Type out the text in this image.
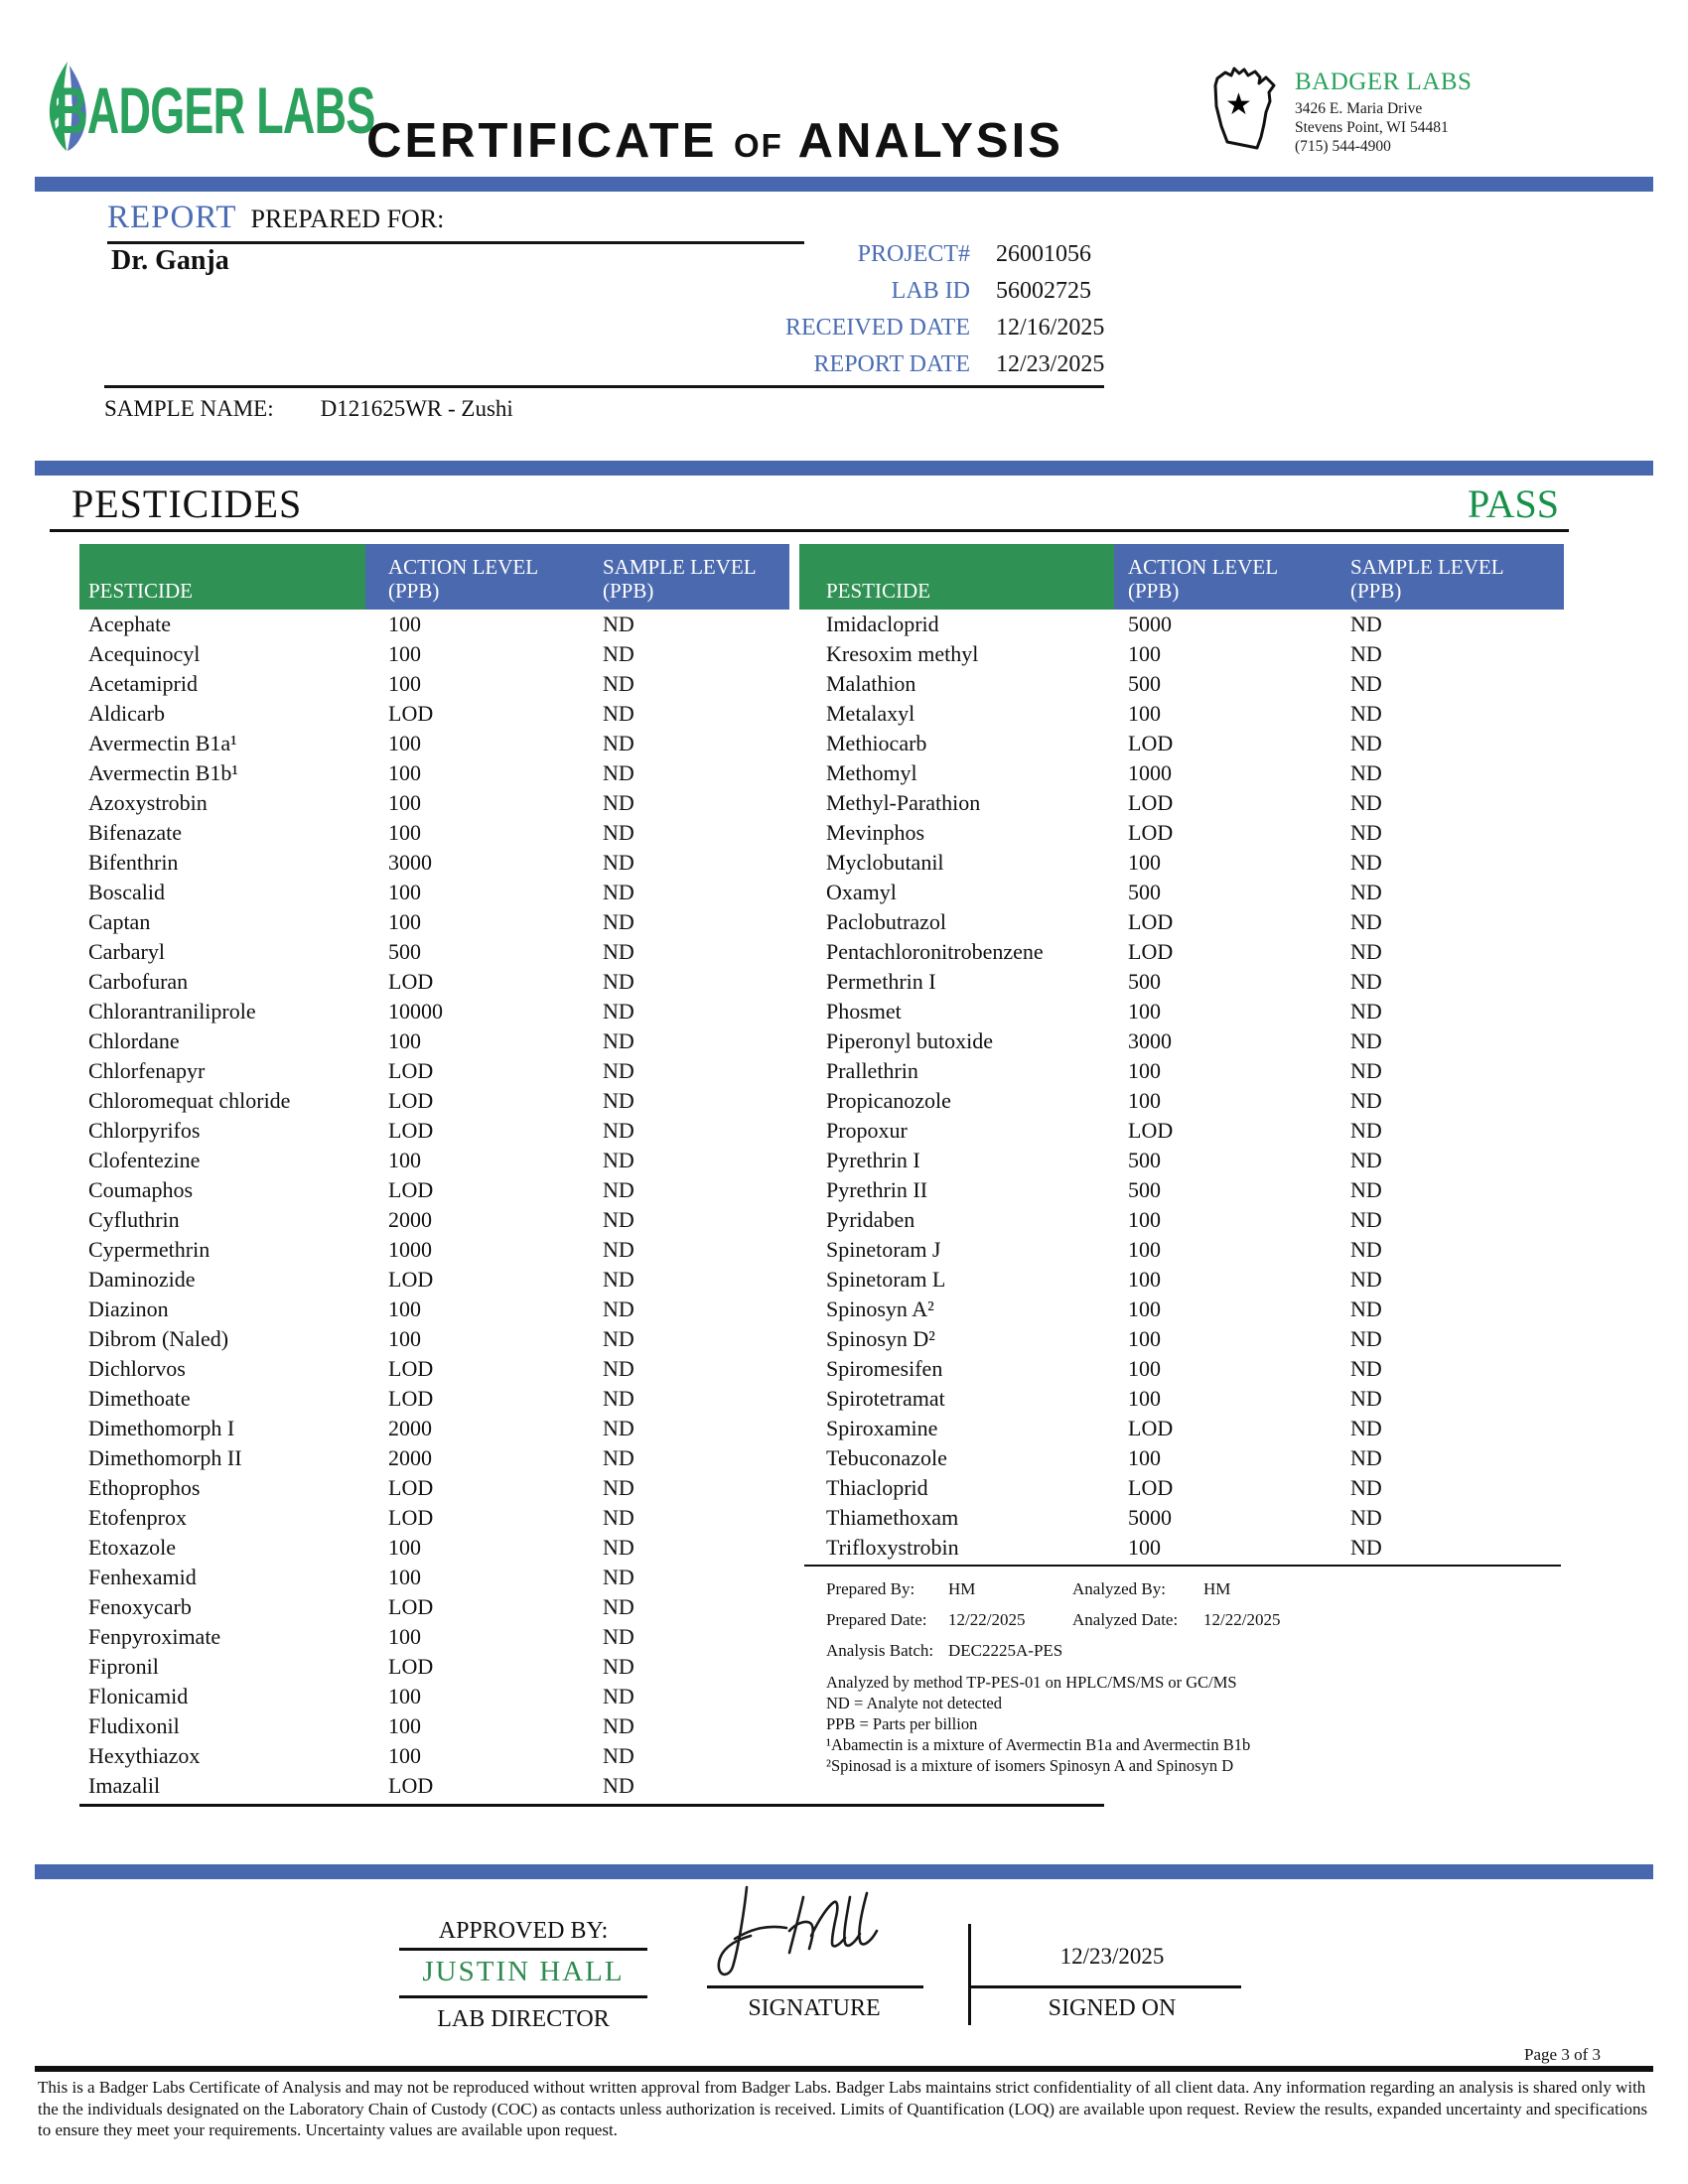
BADGER LABS
CERTIFICATE OF ANALYSIS
★
BADGER LABS
3426 E. Maria Drive
Stevens Point, WI 54481
(715) 544-4900
REPORT PREPARED FOR:
Dr. Ganja	PROJECT# 26001056
LAB ID 56002725
RECEIVED DATE 12/16/2025
REPORT DATE 12/23/2025
SAMPLE NAME: D121625WR - Zushi
PESTICIDES	PASS
PESTICIDE
ACTION LEVEL
(PPB)
SAMPLE LEVEL
(PPB)
Acephate	100	ND
Acequinocyl	100	ND
Acetamiprid	100	ND
Aldicarb	LOD	ND
Avermectin B1a¹	100	ND
Avermectin B1b¹	100	ND
Azoxystrobin	100	ND
Bifenazate	100	ND
Bifenthrin	3000	ND
Boscalid	100	ND
Captan	100	ND
Carbaryl	500	ND
Carbofuran	LOD	ND
Chlorantraniliprole	10000	ND
Chlordane	100	ND
Chlorfenapyr	LOD	ND
Chloromequat chloride	LOD	ND
Chlorpyrifos	LOD	ND
Clofentezine	100	ND
Coumaphos	LOD	ND
Cyfluthrin	2000	ND
Cypermethrin	1000	ND
Daminozide	LOD	ND
Diazinon	100	ND
Dibrom (Naled)	100	ND
Dichlorvos	LOD	ND
Dimethoate	LOD	ND
Dimethomorph I	2000	ND
Dimethomorph II	2000	ND
Ethoprophos	LOD	ND
Etofenprox	LOD	ND
Etoxazole	100	ND
Fenhexamid	100	ND
Fenoxycarb	LOD	ND
Fenpyroximate	100	ND
Fipronil	LOD	ND
Flonicamid	100	ND
Fludixonil	100	ND
Hexythiazox	100	ND
Imazalil	LOD	ND
PESTICIDE
ACTION LEVEL
(PPB)
SAMPLE LEVEL
(PPB)
Imidacloprid	5000	ND
Kresoxim methyl	100	ND
Malathion	500	ND
Metalaxyl	100	ND
Methiocarb	LOD	ND
Methomyl	1000	ND
Methyl-Parathion	LOD	ND
Mevinphos	LOD	ND
Myclobutanil	100	ND
Oxamyl	500	ND
Paclobutrazol	LOD	ND
Pentachloronitrobenzene	LOD	ND
Permethrin I	500	ND
Phosmet	100	ND
Piperonyl butoxide	3000	ND
Prallethrin	100	ND
Propicanozole	100	ND
Propoxur	LOD	ND
Pyrethrin I	500	ND
Pyrethrin II	500	ND
Pyridaben	100	ND
Spinetoram J	100	ND
Spinetoram L	100	ND
Spinosyn A²	100	ND
Spinosyn D²	100	ND
Spiromesifen	100	ND
Spirotetramat	100	ND
Spiroxamine	LOD	ND
Tebuconazole	100	ND
Thiacloprid	LOD	ND
Thiamethoxam	5000	ND
Trifloxystrobin	100	ND
Prepared By:	HM	Analyzed By:	HM
Prepared Date:	12/22/2025	Analyzed Date:	12/22/2025
Analysis Batch: DEC2225A-PES
Analyzed by method TP-PES-01 on HPLC/MS/MS or GC/MS
ND = Analyte not detected
PPB = Parts per billion
¹Abamectin is a mixture of Avermectin B1a and Avermectin B1b
²Spinosad is a mixture of isomers Spinosyn A and Spinosyn D
APPROVED BY:
JUSTIN HALL
LAB DIRECTOR	SIGNATURE
12/23/2025
SIGNED ON
Page 3 of 3
This is a Badger Labs Certificate of Analysis and may not be reproduced without written approval from Badger Labs. Badger Labs maintains strict confidentiality of all client data. Any information regarding an analysis is shared only with the the individuals designated on the Laboratory Chain of Custody (COC) as contacts unless authorization is received. Limits of Quantification (LOQ) are available upon request. Review the results, expanded uncertainty and specifications to ensure they meet your requirements. Uncertainty values are available upon request.
